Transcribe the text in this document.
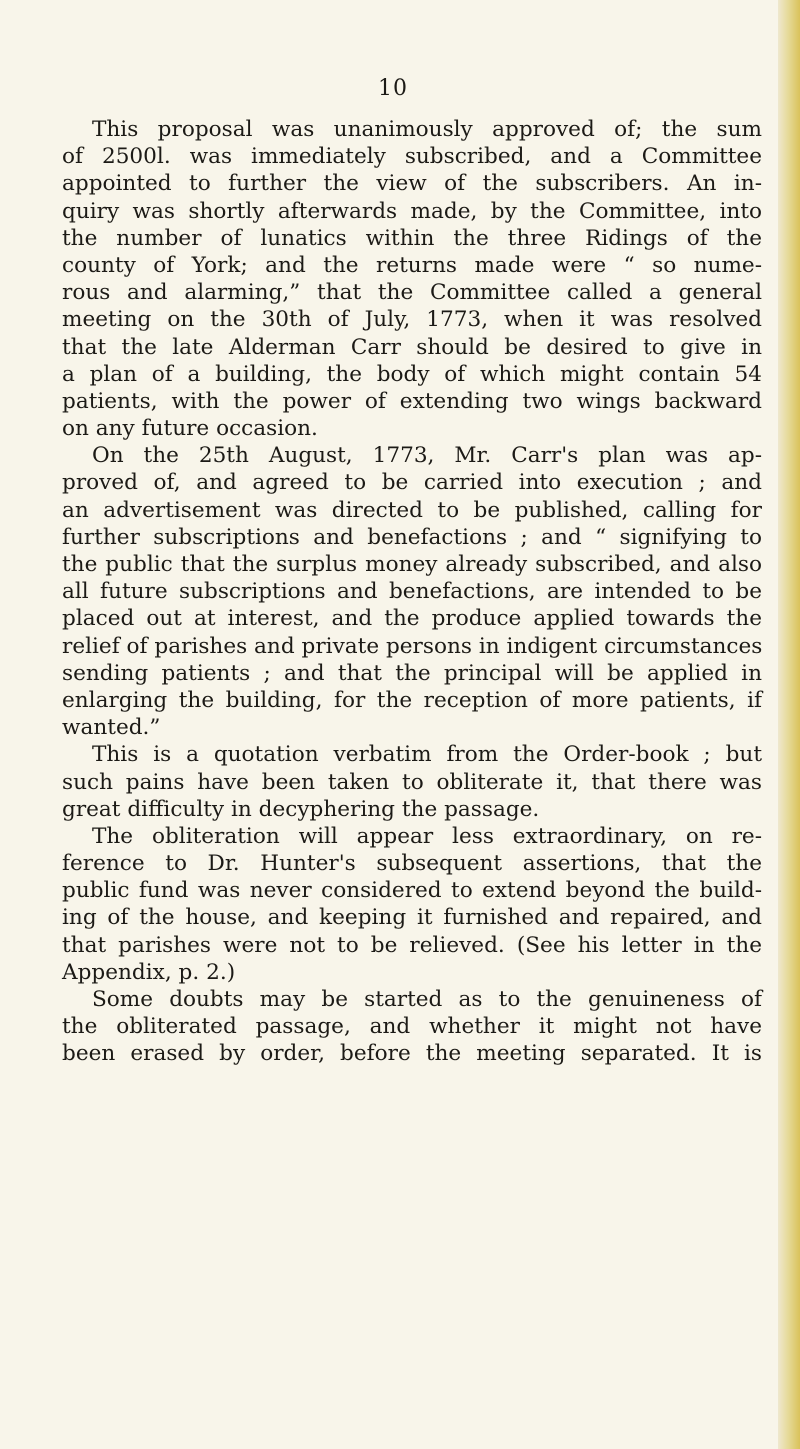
10
This proposal was unanimously approved of; the sum
of 2500l. was immediately subscribed, and a Committee
appointed to further the view of the subscribers. An in-
quiry was shortly afterwards made, by the Committee, into
the number of lunatics within the three Ridings of the
county of York; and the returns made were “ so nume-
rous and alarming,” that the Committee called a general
meeting on the 30th of July, 1773, when it was resolved
that the late Alderman Carr should be desired to give in
a plan of a building, the body of which might contain 54
patients, with the power of extending two wings backward
on any future occasion.
On the 25th August, 1773, Mr. Carr's plan was ap-
proved of, and agreed to be carried into execution ; and
an advertisement was directed to be published, calling for
further subscriptions and benefactions ; and “ signifying to
the public that the surplus money already subscribed, and also
all future subscriptions and benefactions, are intended to be
placed out at interest, and the produce applied towards the
relief of parishes and private persons in indigent circumstances
sending patients ; and that the principal will be applied in
enlarging the building, for the reception of more patients, if
wanted.”
This is a quotation verbatim from the Order-book ; but
such pains have been taken to obliterate it, that there was
great difficulty in decyphering the passage.
The obliteration will appear less extraordinary, on re-
ference to Dr. Hunter's subsequent assertions, that the
public fund was never considered to extend beyond the build-
ing of the house, and keeping it furnished and repaired, and
that parishes were not to be relieved. (See his letter in the
Appendix, p. 2.)
Some doubts may be started as to the genuineness of
the obliterated passage, and whether it might not have
been erased by order, before the meeting separated. It is
